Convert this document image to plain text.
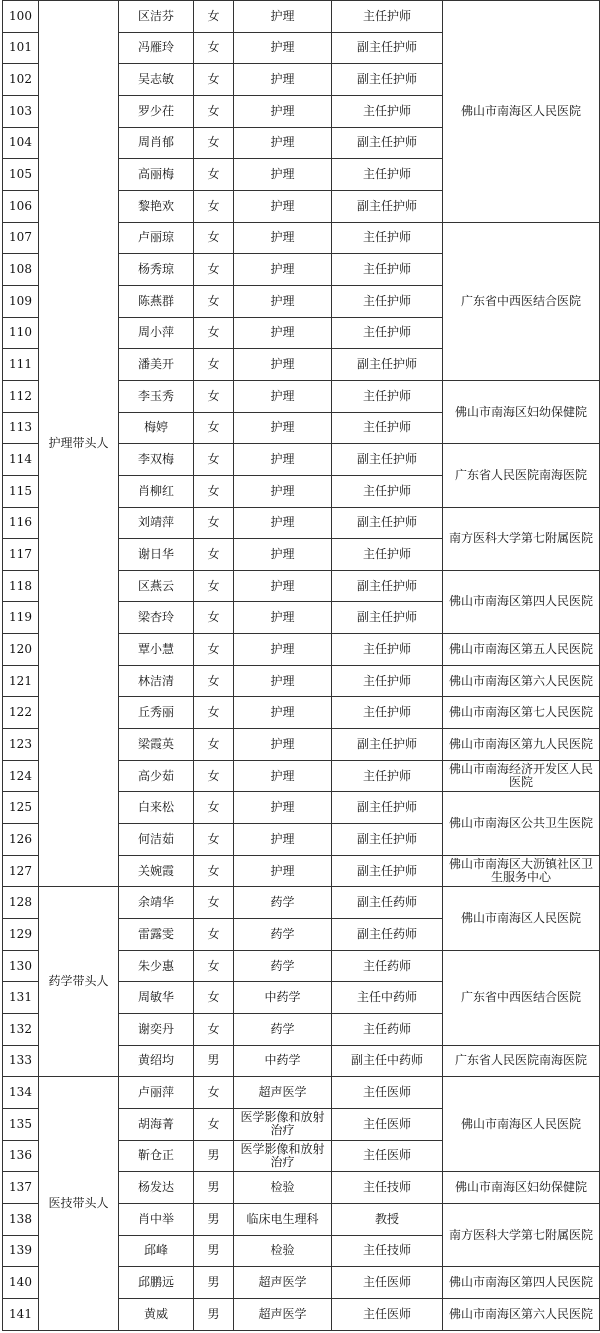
100	护理带头人	区洁芬	女	护理	主任护师	佛山市南海区人民医院
101		冯雁玲	女	护理	副主任护师	
102		吴志敏	女	护理	副主任护师	
103		罗少茌	女	护理	主任护师	
104		周肖郁	女	护理	副主任护师	
105		高丽梅	女	护理	主任护师	
106		黎艳欢	女	护理	副主任护师	
107		卢丽琼	女	护理	主任护师	广东省中西医结合医院
108		杨秀琼	女	护理	主任护师	
109		陈燕群	女	护理	主任护师	
110		周小萍	女	护理	主任护师	
111		潘美开	女	护理	副主任护师	
112		李玉秀	女	护理	主任护师	佛山市南海区妇幼保健院
113		梅婷	女	护理	主任护师	
114		李双梅	女	护理	副主任护师	广东省人民医院南海医院
115		肖柳红	女	护理	主任护师	
116		刘靖萍	女	护理	副主任护师	南方医科大学第七附属医院
117		谢日华	女	护理	主任护师	
118		区燕云	女	护理	副主任护师	佛山市南海区第四人民医院
119		梁杏玲	女	护理	副主任护师	
120		覃小慧	女	护理	主任护师	佛山市南海区第五人民医院
121		林洁清	女	护理	主任护师	佛山市南海区第六人民医院
122		丘秀丽	女	护理	主任护师	佛山市南海区第七人民医院
123		梁霞英	女	护理	副主任护师	佛山市南海区第九人民医院
124		高少茹	女	护理	主任护师	佛山市南海经济开发区人民医院
125		白来松	女	护理	副主任护师	佛山市南海区公共卫生医院
126		何洁茹	女	护理	副主任护师	
127		关婉霞	女	护理	副主任护师	佛山市南海区大沥镇社区卫生服务中心
128	药学带头人	余靖华	女	药学	副主任药师	佛山市南海区人民医院
129		雷露雯	女	药学	副主任药师	
130		朱少惠	女	药学	主任药师	广东省中西医结合医院
131		周敏华	女	中药学	主任中药师	
132		谢奕丹	女	药学	主任药师	
133		黄绍均	男	中药学	副主任中药师	广东省人民医院南海医院
134	医技带头人	卢丽萍	女	超声医学	主任医师	佛山市南海区人民医院
135		胡海菁	女	医学影像和放射治疗	主任医师	
136		靳仓正	男	医学影像和放射治疗	主任医师	
137		杨发达	男	检验	主任技师	佛山市南海区妇幼保健院
138		肖中举	男	临床电生理科	教授	南方医科大学第七附属医院
139		邱峰	男	检验	主任技师	
140		邱鹏远	男	超声医学	主任医师	佛山市南海区第四人民医院
141		黄威	男	超声医学	主任医师	佛山市南海区第六人民医院
